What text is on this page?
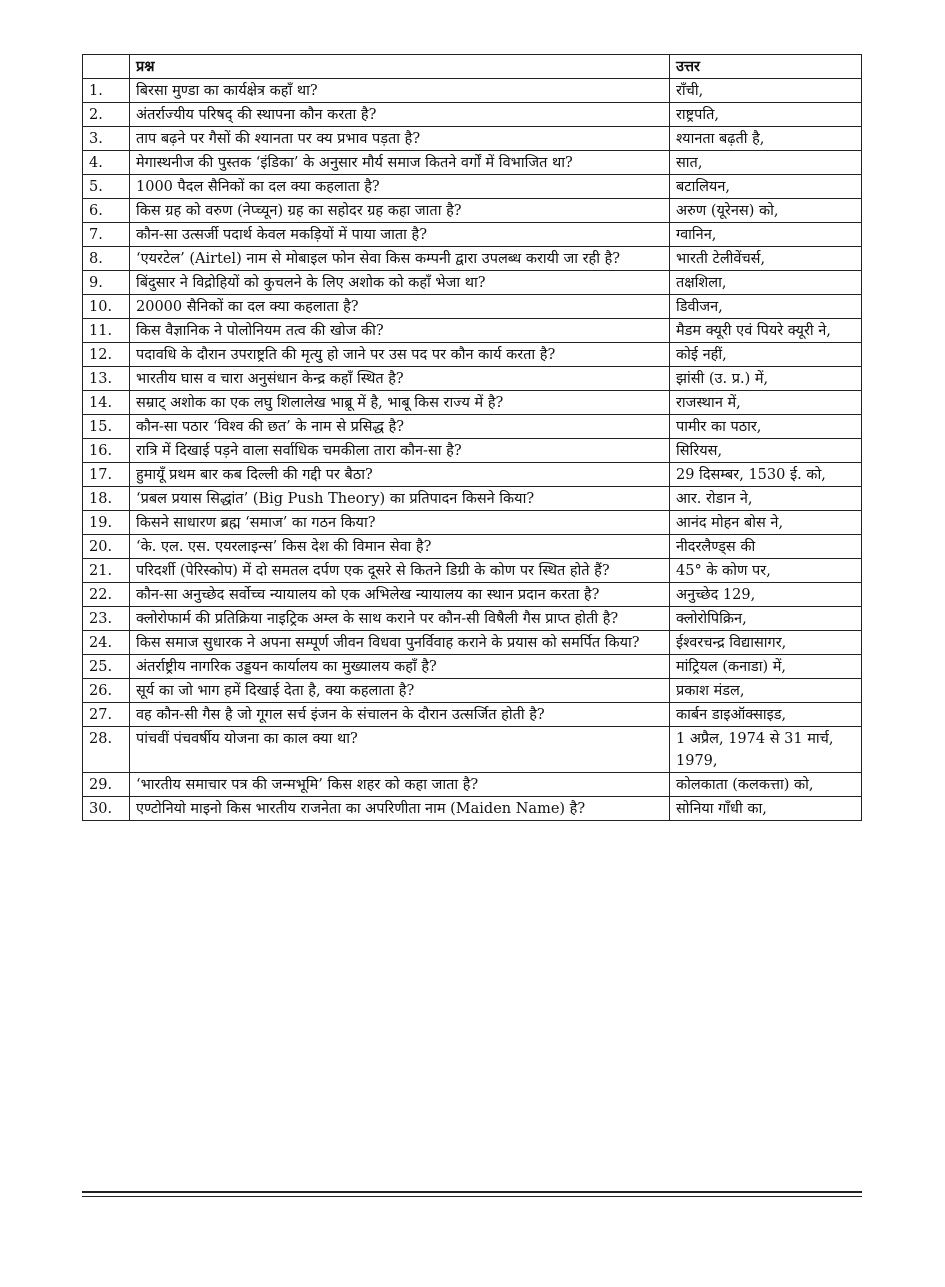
	प्रश्न	उत्तर
1.	बिरसा मुण्डा का कार्यक्षेत्र कहाँ था?	राँची,
2.	अंतर्राज्यीय परिषद् की स्थापना कौन करता है?	राष्ट्रपति,
3.	ताप बढ़ने पर गैसों की श्यानता पर क्य प्रभाव पड़ता है?	श्यानता बढ़ती है,
4.	मेगास्थनीज की पुस्तक ‘इंडिका’ के अनुसार मौर्य समाज कितने वर्गों में विभाजित था?	सात,
5.	1000 पैदल सैनिकों का दल क्या कहलाता है?	बटालियन,
6.	किस ग्रह को वरुण (नेप्च्यून) ग्रह का सहोदर ग्रह कहा जाता है?	अरुण (यूरेनस) को,
7.	कौन-सा उत्सर्जी पदार्थ केवल मकड़ियों में पाया जाता है?	ग्वानिन,
8.	‘एयरटेल’ (Airtel) नाम से मोबाइल फोन सेवा किस कम्पनी द्वारा उपलब्ध करायी जा रही है?	भारती टेलीवेंचर्स,
9.	बिंदुसार ने विद्रोहियों को कुचलने के लिए अशोक को कहाँ भेजा था?	तक्षशिला,
10.	20000 सैनिकों का दल क्या कहलाता है?	डिवीजन,
11.	किस वैज्ञानिक ने पोलोनियम तत्व की खोज की?	मैडम क्यूरी एवं पियरे क्यूरी ने,
12.	पदावधि के दौरान उपराष्ट्रति की मृत्यु हो जाने पर उस पद पर कौन कार्य करता है?	कोई नहीं,
13.	भारतीय घास व चारा अनुसंधान केन्द्र कहाँ स्थित है?	झांसी (उ. प्र.) में,
14.	सम्राट् अशोक का एक लघु शिलालेख भाब्रू में है, भाबू किस राज्य में है?	राजस्थान में,
15.	कौन-सा पठार ‘विश्व की छत’ के नाम से प्रसिद्ध है?	पामीर का पठार,
16.	रात्रि में दिखाई पड़ने वाला सर्वाधिक चमकीला तारा कौन-सा है?	सिरियस,
17.	हुमायूँ प्रथम बार कब दिल्ली की गद्दी पर बैठा?	29 दिसम्बर, 1530 ई. को,
18.	‘प्रबल प्रयास सिद्धांत’ (Big Push Theory) का प्रतिपादन किसने किया?	आर. रोडान ने,
19.	किसने साधारण ब्रह्म ‘समाज’ का गठन किया?	आनंद मोहन बोस ने,
20.	‘के. एल. एस. एयरलाइन्स’ किस देश की विमान सेवा है?	नीदरलैण्ड्स की
21.	परिदर्शी (पेरिस्कोप) में दो समतल दर्पण एक दूसरे से कितने डिग्री के कोण पर स्थित होते हैं?	45° के कोण पर,
22.	कौन-सा अनुच्छेद सर्वोच्च न्यायालय को एक अभिलेख न्यायालय का स्थान प्रदान करता है?	अनुच्छेद 129,
23.	क्लोरोफार्म की प्रतिक्रिया नाइट्रिक अम्ल के साथ कराने पर कौन-सी विषैली गैस प्राप्त होती है?	क्लोरोपिक्रिन,
24.	किस समाज सुधारक ने अपना सम्पूर्ण जीवन विधवा पुनर्विवाह कराने के प्रयास को समर्पित किया?	ईश्वरचन्द्र विद्यासागर,
25.	अंतर्राष्ट्रीय नागरिक उड्डयन कार्यालय का मुख्यालय कहाँ है?	मांट्रियल (कनाडा) में,
26.	सूर्य का जो भाग हमें दिखाई देता है, क्या कहलाता है?	प्रकाश मंडल,
27.	वह कौन-सी गैस है जो गूगल सर्च इंजन के संचालन के दौरान उत्सर्जित होती है?	कार्बन डाइऑक्साइड,
28.	पांचवीं पंचवर्षीय योजना का काल क्या था?	1 अप्रैल, 1974 से 31 मार्च, 1979,
29.	‘भारतीय समाचार पत्र की जन्मभूमि’ किस शहर को कहा जाता है?	कोलकाता (कलकत्ता) को,
30.	एण्टोनियो माइनो किस भारतीय राजनेता का अपरिणीता नाम (Maiden Name) है?	सोनिया गाँधी का,
